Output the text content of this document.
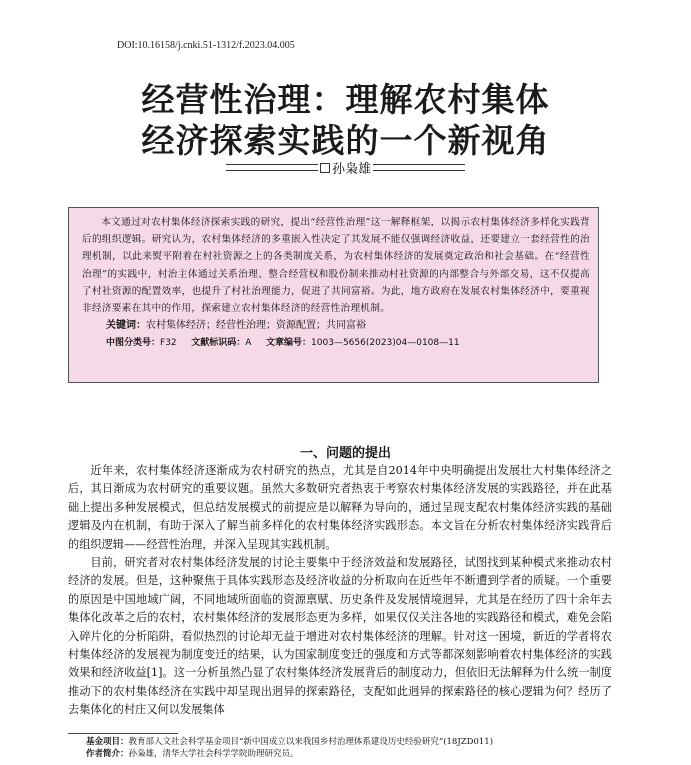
DOI:10.16158/j.cnki.51-1312/f.2023.04.005
经营性治理：理解农村集体
经济探索实践的一个新视角
孙枭雄

本文通过对农村集体经济探索实践的研究，提出“经营性治理”这一解释框架，以揭示农村集体经济多样化实践背后的组织逻辑。研究认为，农村集体经济的多重嵌入性决定了其发展不能仅强调经济收益，还要建立一套经营性的治理机制，以此来熨平附着在村社资源之上的各类制度关系，为农村集体经济的发展奠定政治和社会基础。在“经营性治理”的实践中，村治主体通过关系治理、整合经营权和股份制来推动村社资源的内部整合与外部交易，这不仅提高了村社资源的配置效率，也提升了村社治理能力，促进了共同富裕。为此，地方政府在发展农村集体经济中，要重视非经济要素在其中的作用，探索建立农村集体经济的经营性治理机制。

关键词：农村集体经济；经营性治理；资源配置；共同富裕
中图分类号：F32 文献标识码：A 文章编号：1003—5656(2023)04—0108—11
一、问题的提出

近年来，农村集体经济逐渐成为农村研究的热点，尤其是自2014年中央明确提出发展壮大村集体经济之后，其日渐成为农村研究的重要议题。虽然大多数研究者热衷于考察农村集体经济发展的实践路径，并在此基础上提出多种发展模式，但总结发展模式的前提应是以解释为导向的，通过呈现支配农村集体经济实践的基础逻辑及内在机制，有助于深入了解当前多样化的农村集体经济实践形态。本文旨在分析农村集体经济实践背后的组织逻辑——经营性治理，并深入呈现其实践机制。

目前，研究者对农村集体经济发展的讨论主要集中于经济效益和发展路径，试图找到某种模式来推动农村经济的发展。但是，这种聚焦于具体实践形态及经济收益的分析取向在近些年不断遭到学者的质疑。一个重要的原因是中国地域广阔，不同地域所面临的资源禀赋、历史条件及发展情境迥异，尤其是在经历了四十余年去集体化改革之后的农村，农村集体经济的发展形态更为多样，如果仅仅关注各地的实践路径和模式，难免会陷入碎片化的分析陷阱，看似热烈的讨论却无益于增进对农村集体经济的理解。针对这一困境，新近的学者将农村集体经济的发展视为制度变迁的结果，认为国家制度变迁的强度和方式等都深刻影响着农村集体经济的实践效果和经济收益[1]。这一分析虽然凸显了农村集体经济发展背后的制度动力，但依旧无法解释为什么统一制度推动下的农村集体经济在实践中却呈现出迥异的探索路径，支配如此迥异的探索路径的核心逻辑为何？经历了去集体化的村庄又何以发展集体

基金项目：教育部人文社会科学基金项目“新中国成立以来我国乡村治理体系建设历史经验研究”(18JZD011)
作者简介：孙枭雄，清华大学社会科学学院助理研究员。
